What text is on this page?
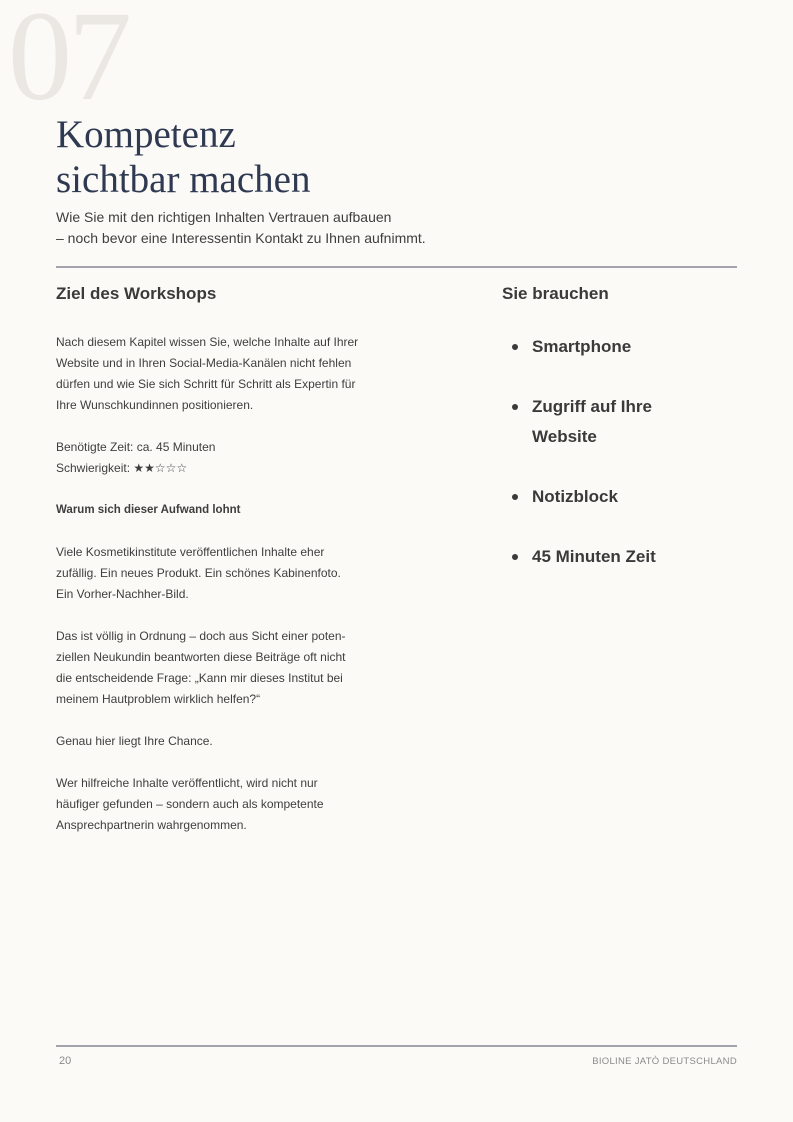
07
Kompetenz
sichtbar machen
Wie Sie mit den richtigen Inhalten Vertrauen aufbauen
– noch bevor eine Interessentin Kontakt zu Ihnen aufnimmt.
Ziel des Workshops

Nach diesem Kapitel wissen Sie, welche Inhalte auf Ihrer
Website und in Ihren Social-Media-Kanälen nicht fehlen
dürfen und wie Sie sich Schritt für Schritt als Expertin für
Ihre Wunschkundinnen positionieren.

Benötigte Zeit: ca. 45 Minuten
Schwierigkeit: ★★☆☆☆

Warum sich dieser Aufwand lohnt

Viele Kosmetikinstitute veröffentlichen Inhalte eher
zufällig. Ein neues Produkt. Ein schönes Kabinenfoto.
Ein Vorher-Nachher-Bild.

Das ist völlig in Ordnung – doch aus Sicht einer poten-
ziellen Neukundin beantworten diese Beiträge oft nicht
die entscheidende Frage: „Kann mir dieses Institut bei
meinem Hautproblem wirklich helfen?“

Genau hier liegt Ihre Chance.

Wer hilfreiche Inhalte veröffentlicht, wird nicht nur
häufiger gefunden – sondern auch als kompetente
Ansprechpartnerin wahrgenommen.

Sie brauchen
Smartphone
Zugriff auf Ihre
Website
Notizblock
45 Minuten Zeit
20	BIOLINE JATÒ DEUTSCHLAND
